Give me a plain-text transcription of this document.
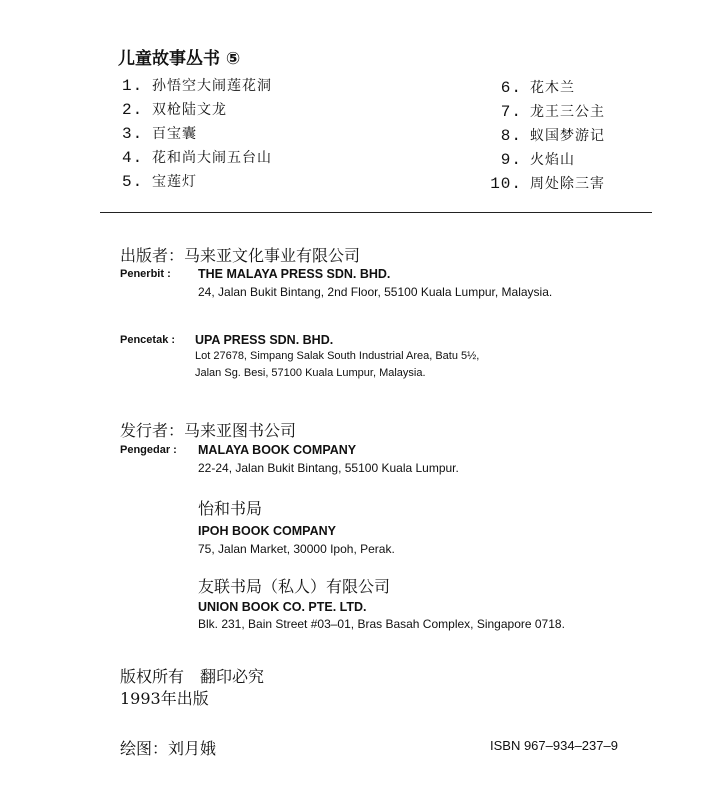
儿童故事丛书 ⑤
1. 孙悟空大闹莲花洞
2. 双枪陆文龙
3. 百宝囊
4. 花和尚大闹五台山
5. 宝莲灯
6. 花木兰
7. 龙王三公主
8. 蚁国梦游记
9. 火焰山
10. 周处除三害
出版者：马来亚文化事业有限公司
Penerbit : THE MALAYA PRESS SDN. BHD.
24, Jalan Bukit Bintang, 2nd Floor, 55100 Kuala Lumpur, Malaysia.
Pencetak : UPA PRESS SDN. BHD.
Lot 27678, Simpang Salak South Industrial Area, Batu 5½,
Jalan Sg. Besi, 57100 Kuala Lumpur, Malaysia.
发行者：马来亚图书公司
Pengedar : MALAYA BOOK COMPANY
22-24, Jalan Bukit Bintang, 55100 Kuala Lumpur.
怡和书局
IPOH BOOK COMPANY
75, Jalan Market, 30000 Ipoh, Perak.
友联书局（私人）有限公司
UNION BOOK CO. PTE. LTD.
Blk. 231, Bain Street #03–01, Bras Basah Complex, Singapore 0718.
版权所有　翻印必究
1993年出版
绘图：刘月娥	ISBN 967–934–237–9
